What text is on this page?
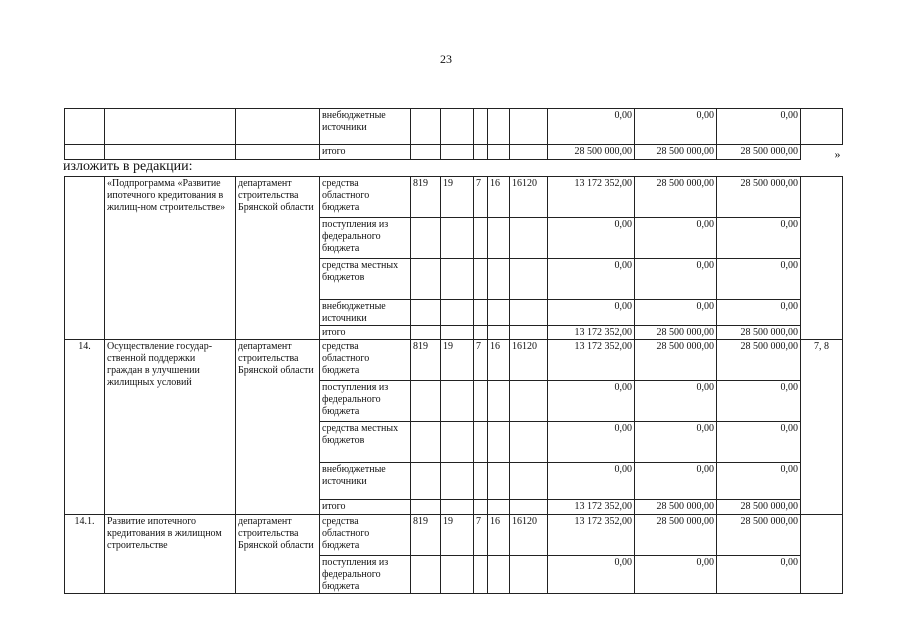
23
			внебюджетные источники						0,00	0,00	0,00	
			итого						28 500 000,00	28 500 000,00	28 500 000,00	»
изложить в редакции:
	«Подпрограмма «Развитие ипотечного кредитования в жилищ-ном строительстве»	департамент строительства Брянской области	средства областного бюджета	819	19	7	16	16120	13 172 352,00	28 500 000,00	28 500 000,00	
			поступления из федерального бюджета						0,00	0,00	0,00	
			средства местных бюджетов						0,00	0,00	0,00	
			внебюджетные источники						0,00	0,00	0,00	
			итого						13 172 352,00	28 500 000,00	28 500 000,00	
14.	Осуществление государ-ственной поддержки граждан в улучшении жилищных условий	департамент строительства Брянской области	средства областного бюджета	819	19	7	16	16120	13 172 352,00	28 500 000,00	28 500 000,00	7, 8
			поступления из федерального бюджета						0,00	0,00	0,00	
			средства местных бюджетов						0,00	0,00	0,00	
			внебюджетные источники						0,00	0,00	0,00	
			итого						13 172 352,00	28 500 000,00	28 500 000,00	
14.1.	Развитие ипотечного кредитования в жилищном строительстве	департамент строительства Брянской области	средства областного бюджета	819	19	7	16	16120	13 172 352,00	28 500 000,00	28 500 000,00	
			поступления из федерального бюджета						0,00	0,00	0,00	
